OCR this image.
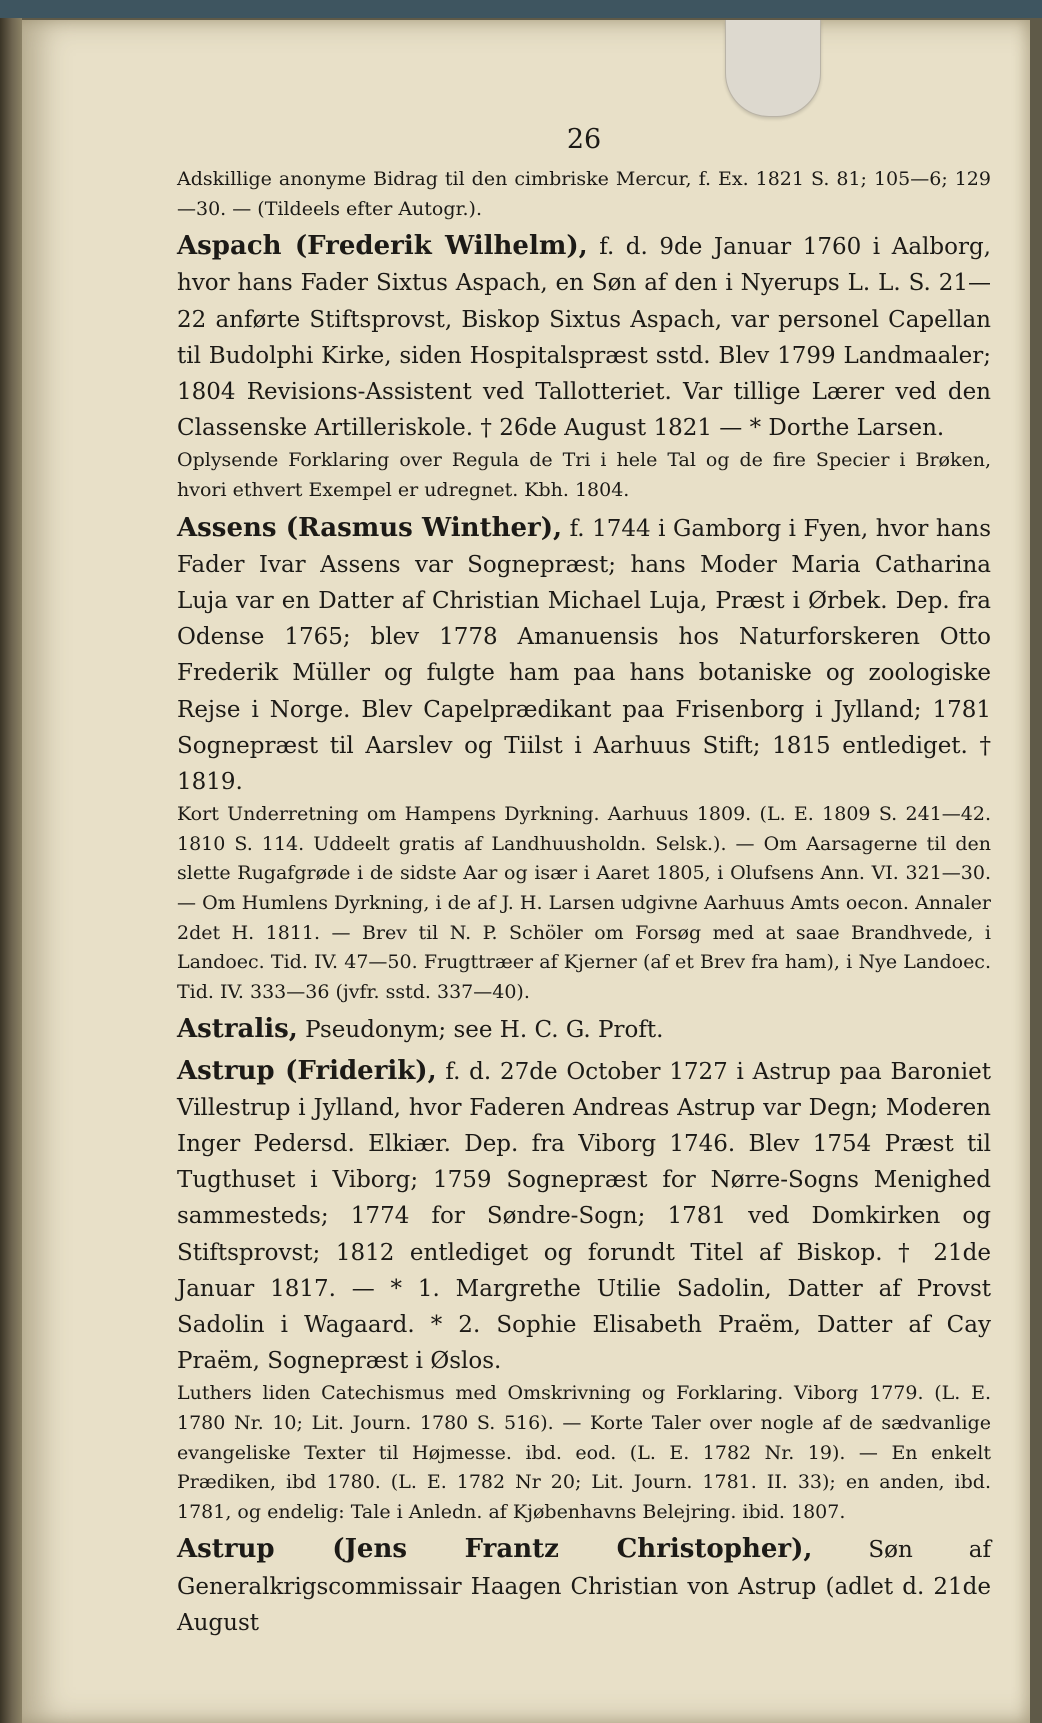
26

Adskillige anonyme Bidrag til den cimbriske Mercur, f. Ex. 1821 S. 81; 105—6; 129—30. — (Tildeels efter Autogr.).

Aspach (Frederik Wilhelm), f. d. 9de Januar 1760 i Aalborg, hvor hans Fader Sixtus Aspach, en Søn af den i Nyerups L. L. S. 21—22 anførte Stiftsprovst, Biskop Sixtus Aspach, var personel Capellan til Budolphi Kirke, siden Hospitalspræst sstd. Blev 1799 Landmaaler; 1804 Revisions-Assistent ved Tallotteriet. Var tillige Lærer ved den Classenske Artilleriskole. † 26de August 1821 — * Dorthe Larsen.

Oplysende Forklaring over Regula de Tri i hele Tal og de fire Specier i Brøken, hvori ethvert Exempel er udregnet. Kbh. 1804.

Assens (Rasmus Winther), f. 1744 i Gamborg i Fyen, hvor hans Fader Ivar Assens var Sognepræst; hans Moder Maria Catharina Luja var en Datter af Christian Michael Luja, Præst i Ørbek. Dep. fra Odense 1765; blev 1778 Amanuensis hos Naturforskeren Otto Frederik Müller og fulgte ham paa hans botaniske og zoologiske Rejse i Norge. Blev Capelprædikant paa Frisenborg i Jylland; 1781 Sognepræst til Aarslev og Tiilst i Aarhuus Stift; 1815 entlediget. † 1819.

Kort Underretning om Hampens Dyrkning. Aarhuus 1809. (L. E. 1809 S. 241—42. 1810 S. 114. Uddeelt gratis af Landhuusholdn. Selsk.). — Om Aarsagerne til den slette Rugafgrøde i de sidste Aar og især i Aaret 1805, i Olufsens Ann. VI. 321—30. — Om Humlens Dyrkning, i de af J. H. Larsen udgivne Aarhuus Amts oecon. Annaler 2det H. 1811. — Brev til N. P. Schöler om Forsøg med at saae Brandhvede, i Landoec. Tid. IV. 47—50. Frugttræer af Kjerner (af et Brev fra ham), i Nye Landoec. Tid. IV. 333—36 (jvfr. sstd. 337—40).

Astralis, Pseudonym; see H. C. G. Proft.

Astrup (Friderik), f. d. 27de October 1727 i Astrup paa Baroniet Villestrup i Jylland, hvor Faderen Andreas Astrup var Degn; Moderen Inger Pedersd. Elkiær. Dep. fra Viborg 1746. Blev 1754 Præst til Tugthuset i Viborg; 1759 Sognepræst for Nørre-Sogns Menighed sammesteds; 1774 for Søndre-Sogn; 1781 ved Domkirken og Stiftsprovst; 1812 entlediget og forundt Titel af Biskop. † 21de Januar 1817. — * 1. Margrethe Utilie Sadolin, Datter af Provst Sadolin i Wagaard. * 2. Sophie Elisabeth Praëm, Datter af Cay Praëm, Sognepræst i Øslos.

Luthers liden Catechismus med Omskrivning og Forklaring. Viborg 1779. (L. E. 1780 Nr. 10; Lit. Journ. 1780 S. 516). — Korte Taler over nogle af de sædvanlige evangeliske Texter til Højmesse. ibd. eod. (L. E. 1782 Nr. 19). — En enkelt Prædiken, ibd 1780. (L. E. 1782 Nr 20; Lit. Journ. 1781. II. 33); en anden, ibd. 1781, og endelig: Tale i Anledn. af Kjøbenhavns Belejring. ibid. 1807.

Astrup (Jens Frantz Christopher), Søn af Generalkrigscommissair Haagen Christian von Astrup (adlet d. 21de August
